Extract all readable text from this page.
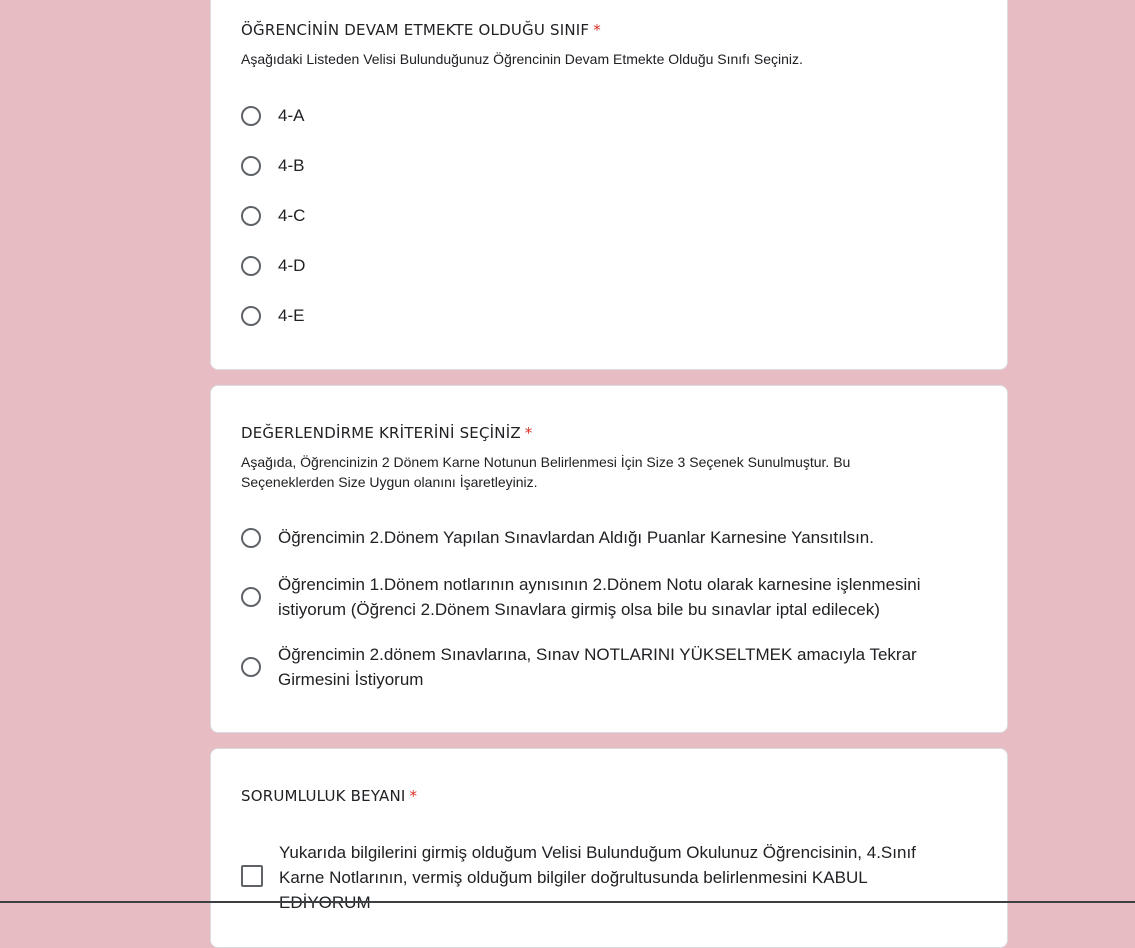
ÖĞRENCİNİN DEVAM ETMEKTE OLDUĞU SINIF *
Aşağıdaki Listeden Velisi Bulunduğunuz Öğrencinin Devam Etmekte Olduğu Sınıfı Seçiniz.
4-A
4-B
4-C
4-D
4-E
DEĞERLENDİRME KRİTERİNİ SEÇİNİZ *
Aşağıda, Öğrencinizin 2 Dönem Karne Notunun Belirlenmesi İçin Size 3 Seçenek Sunulmuştur. Bu Seçeneklerden Size Uygun olanını İşaretleyiniz.
Öğrencimin 2.Dönem Yapılan Sınavlardan Aldığı Puanlar Karnesine Yansıtılsın.
Öğrencimin 1.Dönem notlarının aynısının 2.Dönem Notu olarak karnesine işlenmesini istiyorum (Öğrenci 2.Dönem Sınavlara girmiş olsa bile bu sınavlar iptal edilecek)
Öğrencimin 2.dönem Sınavlarına, Sınav NOTLARINI YÜKSELTMEK amacıyla Tekrar Girmesini İstiyorum
SORUMLULUK BEYANI *
Yukarıda bilgilerini girmiş olduğum Velisi Bulunduğum Okulunuz Öğrencisinin, 4.Sınıf Karne Notlarının, vermiş olduğum bilgiler doğrultusunda belirlenmesini KABUL
